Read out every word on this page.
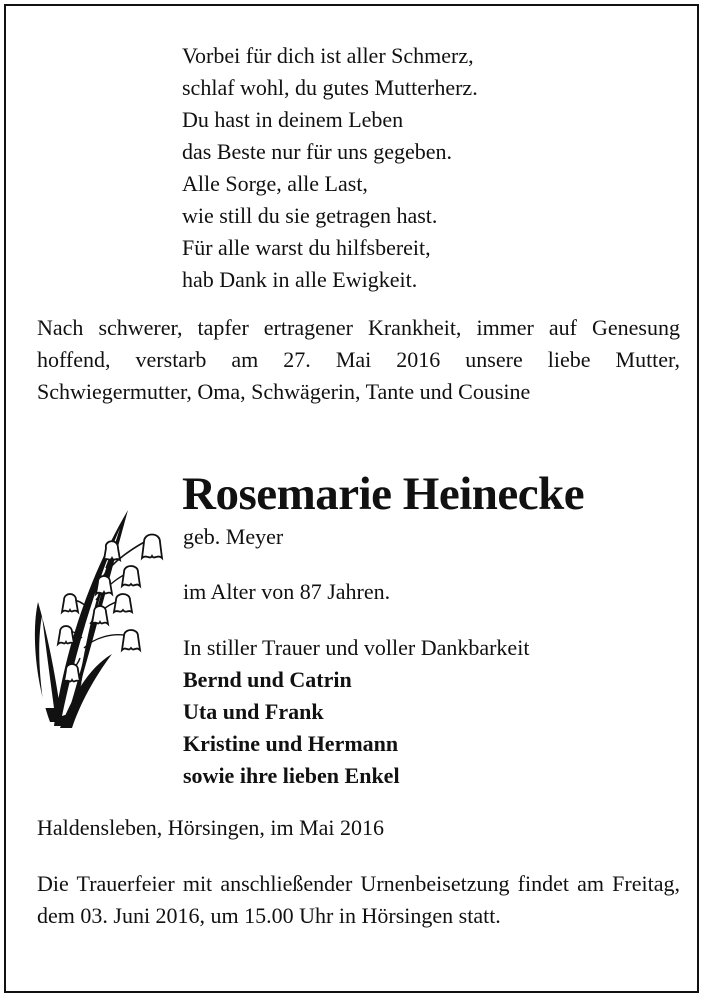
Vorbei für dich ist aller Schmerz,
schlaf wohl, du gutes Mutterherz.
Du hast in deinem Leben
das Beste nur für uns gegeben.
Alle Sorge, alle Last,
wie still du sie getragen hast.
Für alle warst du hilfsbereit,
hab Dank in alle Ewigkeit.

Nach schwerer, tapfer ertragener Krankheit, immer auf Genesung hoffend, verstarb am 27. Mai 2016 unsere liebe Mutter, Schwiegermutter, Oma, Schwägerin, Tante und Cousine

Rosemarie Heinecke
geb. Meyer
im Alter von 87 Jahren.
In stiller Trauer und voller Dankbarkeit
Bernd und Catrin
Uta und Frank
Kristine und Hermann
sowie ihre lieben Enkel
Haldensleben, Hörsingen, im Mai 2016
Die Trauerfeier mit anschließender Urnenbeisetzung findet am Freitag, dem 03. Juni 2016, um 15.00 Uhr in Hörsingen statt.
